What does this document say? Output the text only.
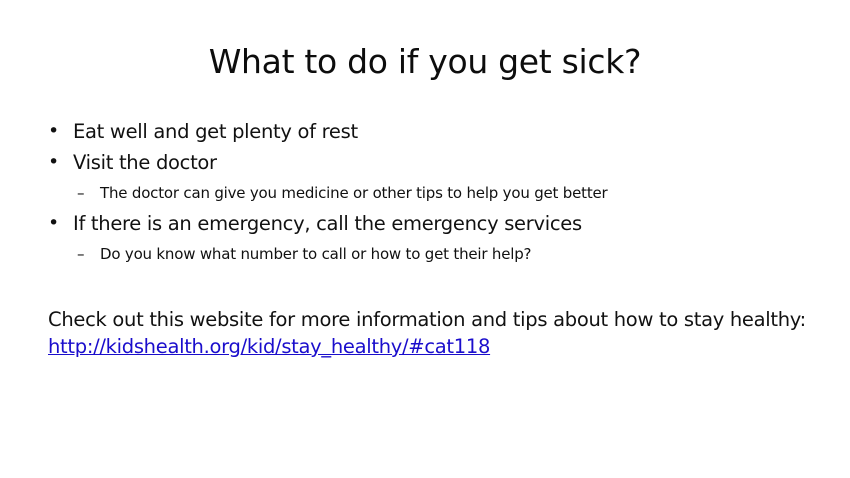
What to do if you get sick?
• Eat well and get plenty of rest
• Visit the doctor
– The doctor can give you medicine or other tips to help you get better
• If there is an emergency, call the emergency services
– Do you know what number to call or how to get their help?
Check out this website for more information and tips about how to stay healthy:
http://kidshealth.org/kid/stay_healthy/#cat118
